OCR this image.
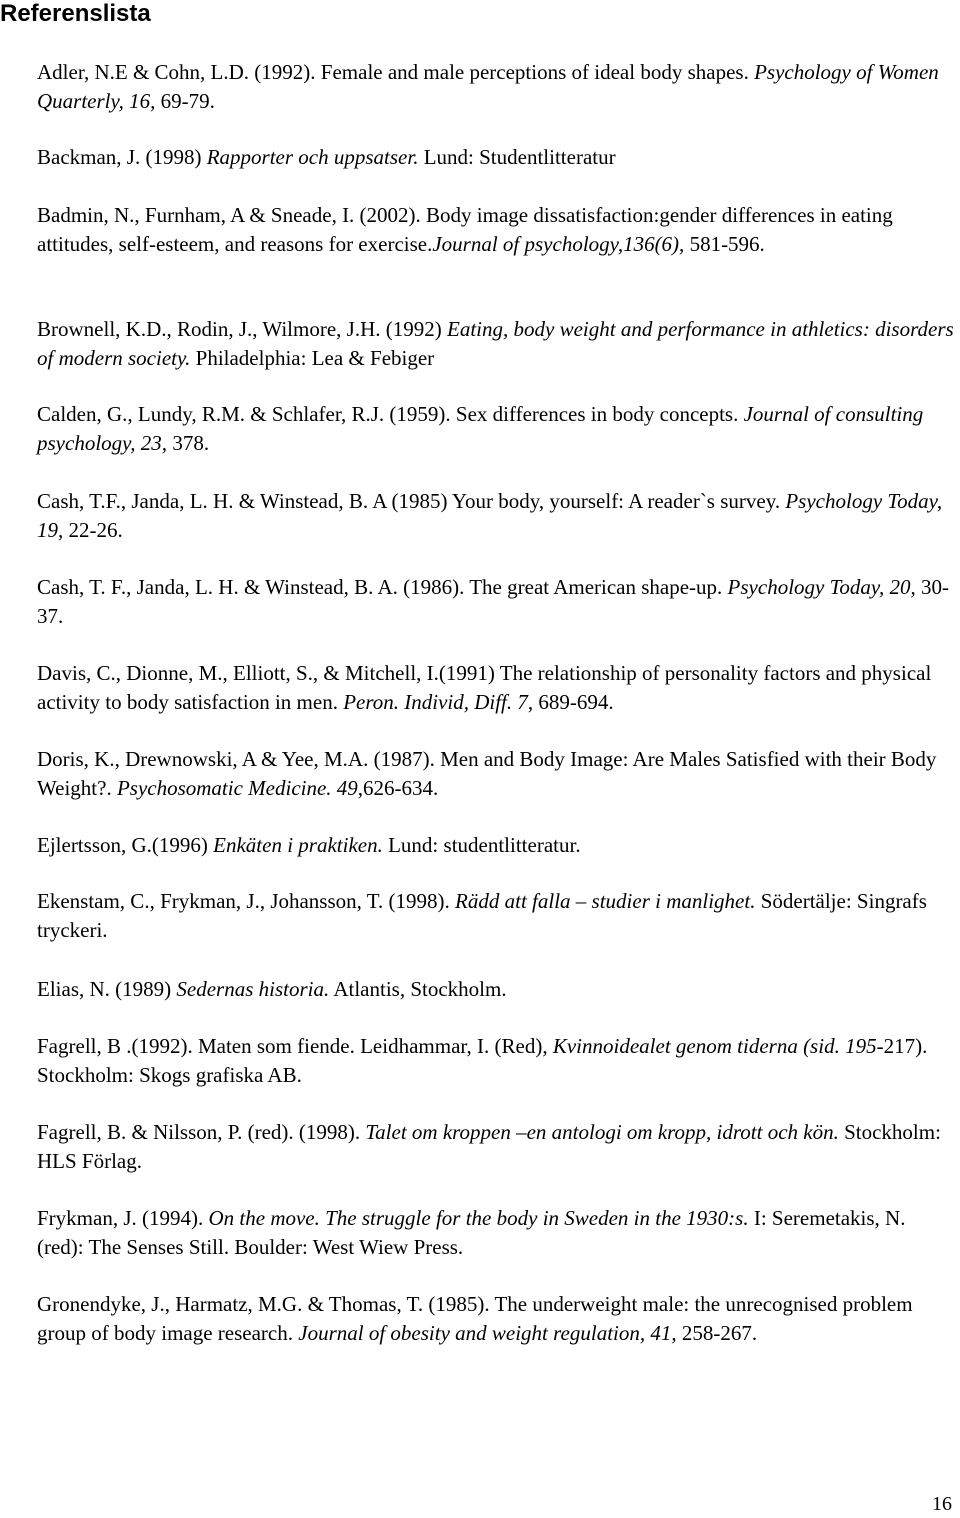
Referenslista

Adler, N.E & Cohn, L.D. (1992). Female and male perceptions of ideal body shapes. Psychology of Women Quarterly, 16, 69-79.

Backman, J. (1998) Rapporter och uppsatser. Lund: Studentlitteratur

Badmin, N., Furnham, A & Sneade, I. (2002). Body image dissatisfaction:gender differences in eating attitudes, self-esteem, and reasons for exercise.Journal of psychology,136(6), 581-596.

Brownell, K.D., Rodin, J., Wilmore, J.H. (1992) Eating, body weight and performance in athletics: disorders of modern society. Philadelphia: Lea & Febiger

Calden, G., Lundy, R.M. & Schlafer, R.J. (1959). Sex differences in body concepts. Journal of consulting psychology, 23, 378.

Cash, T.F., Janda, L. H. & Winstead, B. A (1985) Your body, yourself: A reader`s survey. Psychology Today, 19, 22-26.

Cash, T. F., Janda, L. H. & Winstead, B. A. (1986). The great American shape-up. Psychology Today, 20, 30-37.

Davis, C., Dionne, M., Elliott, S., & Mitchell, I.(1991) The relationship of personality factors and physical activity to body satisfaction in men. Peron. Individ, Diff. 7, 689-694.

Doris, K., Drewnowski, A & Yee, M.A. (1987). Men and Body Image: Are Males Satisfied with their Body Weight?. Psychosomatic Medicine. 49,626-634.

Ejlertsson, G.(1996) Enkäten i praktiken. Lund: studentlitteratur.

Ekenstam, C., Frykman, J., Johansson, T. (1998). Rädd att falla – studier i manlighet. Södertälje: Singrafs tryckeri.

Elias, N. (1989) Sedernas historia. Atlantis, Stockholm.

Fagrell, B .(1992). Maten som fiende. Leidhammar, I. (Red), Kvinnoidealet genom tiderna (sid. 195-217). Stockholm: Skogs grafiska AB.

Fagrell, B. & Nilsson, P. (red). (1998). Talet om kroppen –en antologi om kropp, idrott och kön. Stockholm: HLS Förlag.

Frykman, J. (1994). On the move. The struggle for the body in Sweden in the 1930:s. I: Seremetakis, N. (red): The Senses Still. Boulder: West Wiew Press.

Gronendyke, J., Harmatz, M.G. & Thomas, T. (1985). The underweight male: the unrecognised problem group of body image research. Journal of obesity and weight regulation, 41, 258-267.

16
